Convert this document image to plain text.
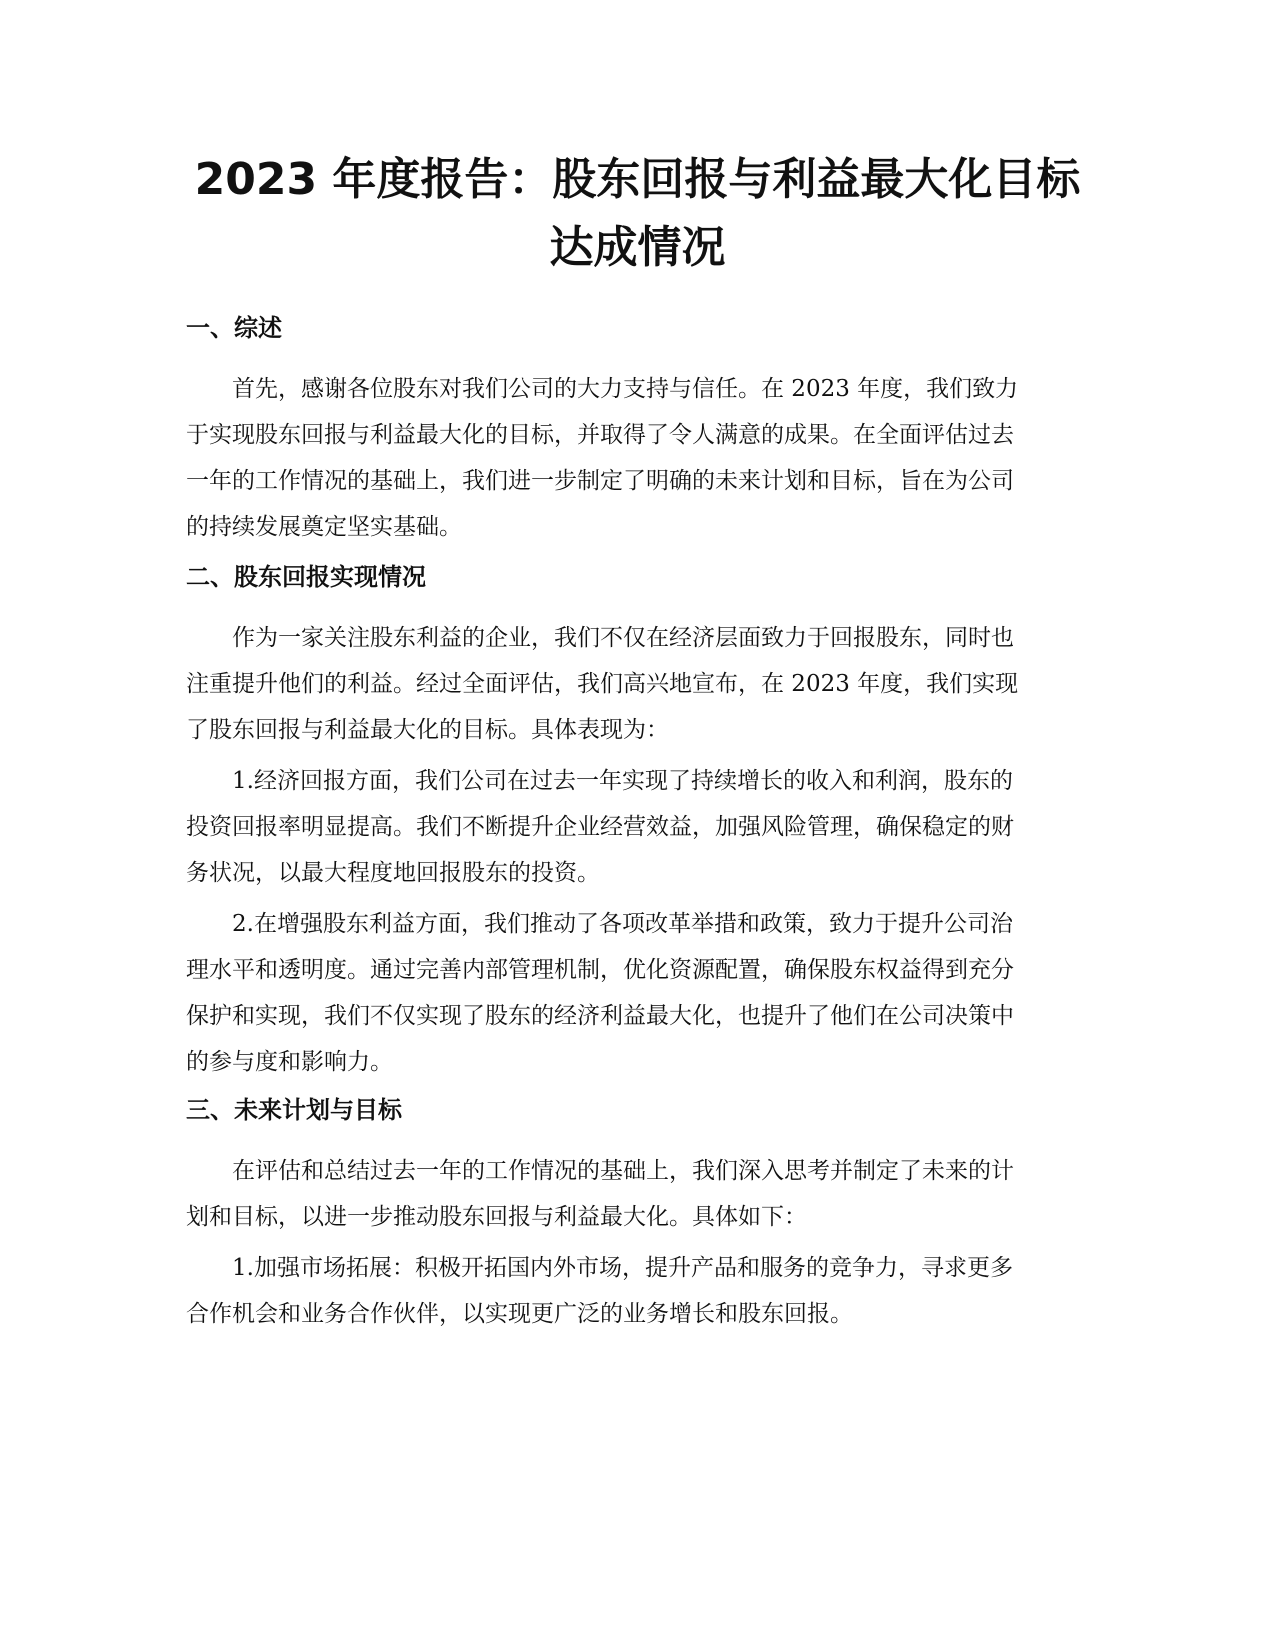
2023 年度报告：股东回报与利益最大化目标
达成情况
一、综述
首先，感谢各位股东对我们公司的大力支持与信任。在 2023 年度，我们致力
于实现股东回报与利益最大化的目标，并取得了令人满意的成果。在全面评估过去
一年的工作情况的基础上，我们进一步制定了明确的未来计划和目标，旨在为公司
的持续发展奠定坚实基础。
二、股东回报实现情况
作为一家关注股东利益的企业，我们不仅在经济层面致力于回报股东，同时也
注重提升他们的利益。经过全面评估，我们高兴地宣布，在 2023 年度，我们实现
了股东回报与利益最大化的目标。具体表现为：
1.经济回报方面，我们公司在过去一年实现了持续增长的收入和利润，股东的
投资回报率明显提高。我们不断提升企业经营效益，加强风险管理，确保稳定的财
务状况，以最大程度地回报股东的投资。
2.在增强股东利益方面，我们推动了各项改革举措和政策，致力于提升公司治
理水平和透明度。通过完善内部管理机制，优化资源配置，确保股东权益得到充分
保护和实现，我们不仅实现了股东的经济利益最大化，也提升了他们在公司决策中
的参与度和影响力。
三、未来计划与目标
在评估和总结过去一年的工作情况的基础上，我们深入思考并制定了未来的计
划和目标，以进一步推动股东回报与利益最大化。具体如下：
1.加强市场拓展：积极开拓国内外市场，提升产品和服务的竞争力，寻求更多
合作机会和业务合作伙伴，以实现更广泛的业务增长和股东回报。
